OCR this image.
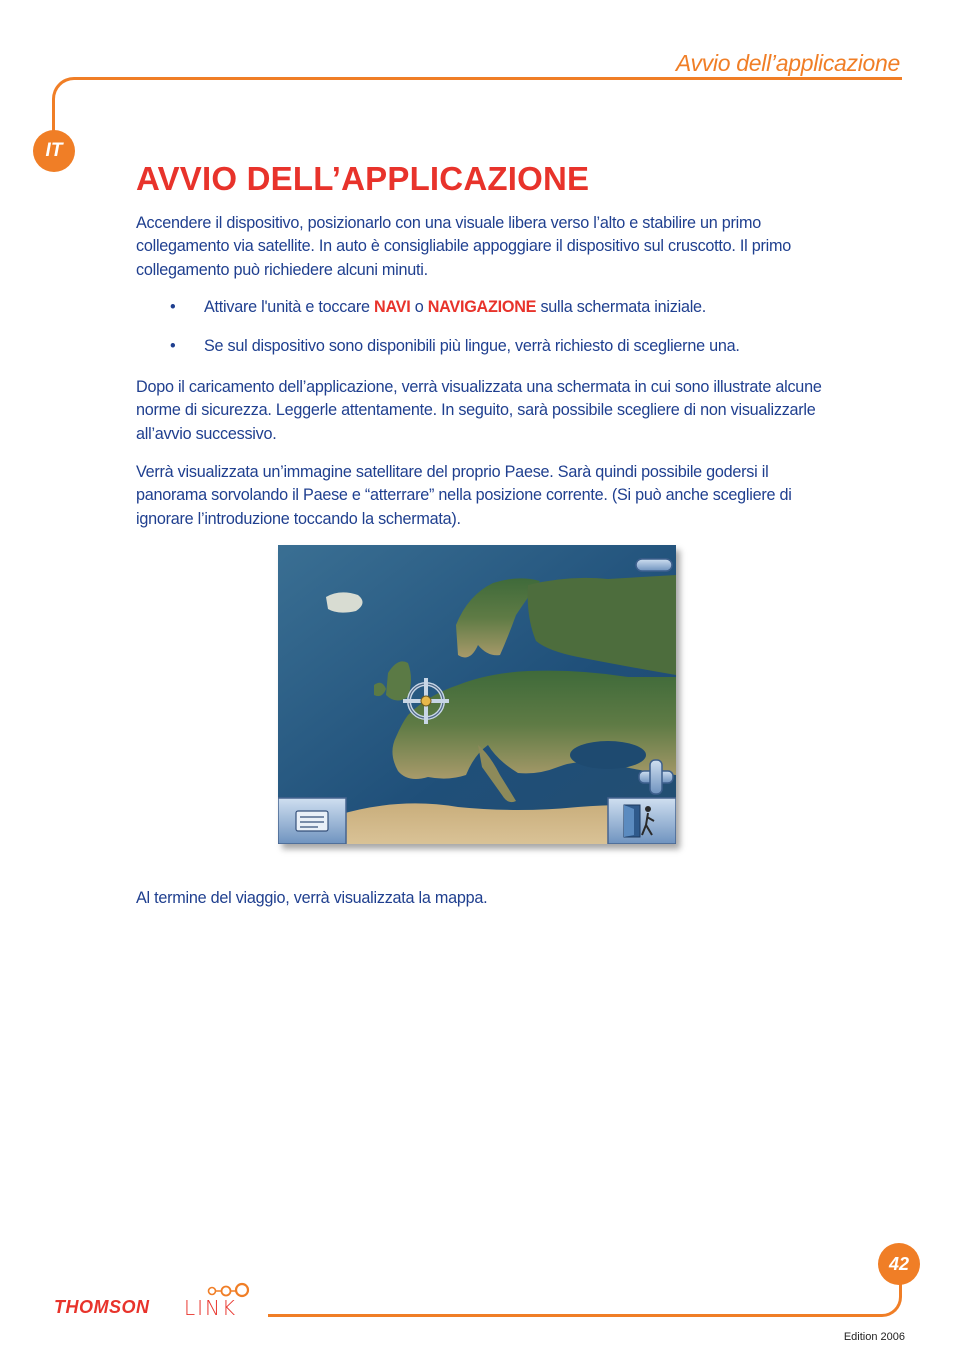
Avvio dell’applicazione
IT
AVVIO DELL’APPLICAZIONE

Accendere il dispositivo, posizionarlo con una visuale libera verso l’alto e stabilire un primo collegamento via satellite. In auto è consigliabile appoggiare il dispositivo sul cruscotto. Il primo collegamento può richiedere alcuni minuti.

• Attivare l'unità e toccare NAVI o NAVIGAZIONE sulla schermata iniziale.
• Se sul dispositivo sono disponibili più lingue, verrà richiesto di sceglierne una.

Dopo il caricamento dell’applicazione, verrà visualizzata una schermata in cui sono illustrate alcune norme di sicurezza. Leggerle attentamente. In seguito, sarà possibile scegliere di non visualizzarle all’avvio successivo.

Verrà visualizzata un’immagine satellitare del proprio Paese. Sarà quindi possibile godersi il panorama sorvolando il Paese e “atterrare” nella posizione corrente. (Si può anche scegliere di ignorare l’introduzione toccando la schermata).

Al termine del viaggio, verrà visualizzata la mappa.

42
THOMSON LINK
Edition 2006
